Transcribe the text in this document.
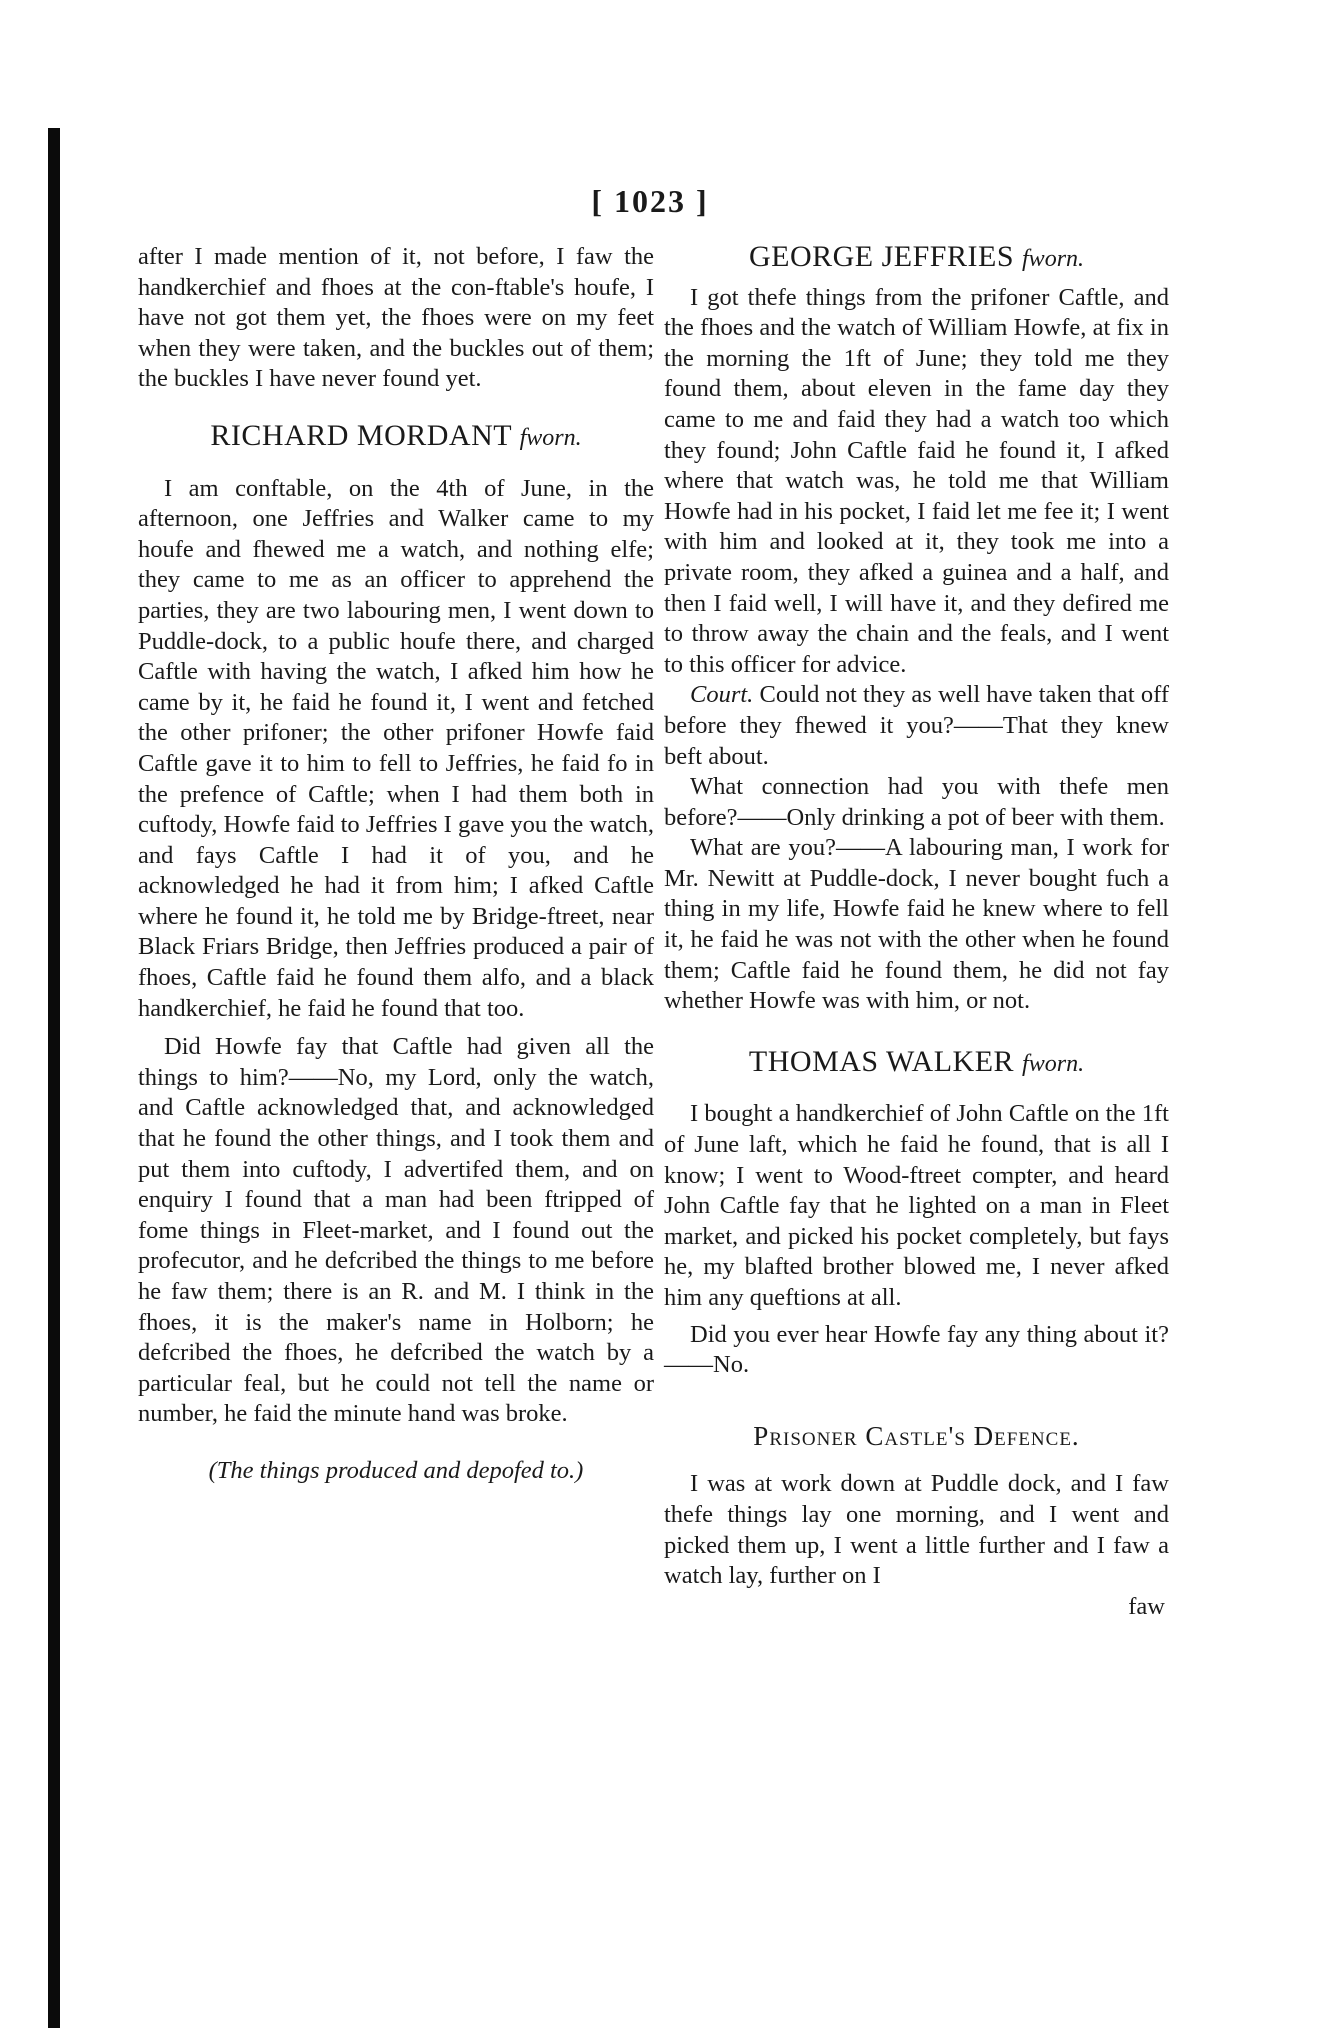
[ 1023 ]

after I made mention of it, not before, I faw the handkerchief and fhoes at the con-ftable's houfe, I have not got them yet, the fhoes were on my feet when they were taken, and the buckles out of them; the buckles I have never found yet.

RICHARD MORDANT fworn.

I am conftable, on the 4th of June, in the afternoon, one Jeffries and Walker came to my houfe and fhewed me a watch, and nothing elfe; they came to me as an officer to apprehend the parties, they are two labouring men, I went down to Puddle-dock, to a public houfe there, and charged Caftle with having the watch, I afked him how he came by it, he faid he found it, I went and fetched the other prifoner; the other prifoner Howfe faid Caftle gave it to him to fell to Jeffries, he faid fo in the prefence of Caftle; when I had them both in cuftody, Howfe faid to Jeffries I gave you the watch, and fays Caftle I had it of you, and he acknowledged he had it from him; I afked Caftle where he found it, he told me by Bridge-ftreet, near Black Friars Bridge, then Jeffries produced a pair of fhoes, Caftle faid he found them alfo, and a black handkerchief, he faid he found that too.

Did Howfe fay that Caftle had given all the things to him?——No, my Lord, only the watch, and Caftle acknowledged that, and acknowledged that he found the other things, and I took them and put them into cuftody, I advertifed them, and on enquiry I found that a man had been ftripped of fome things in Fleet-market, and I found out the profecutor, and he defcribed the things to me before he faw them; there is an R. and M. I think in the fhoes, it is the maker's name in Holborn; he defcribed the fhoes, he defcribed the watch by a particular feal, but he could not tell the name or number, he faid the minute hand was broke.

(The things produced and depofed to.)

GEORGE JEFFRIES fworn.

I got thefe things from the prifoner Caftle, and the fhoes and the watch of William Howfe, at fix in the morning the 1ft of June; they told me they found them, about eleven in the fame day they came to me and faid they had a watch too which they found; John Caftle faid he found it, I afked where that watch was, he told me that William Howfe had in his pocket, I faid let me fee it; I went with him and looked at it, they took me into a private room, they afked a guinea and a half, and then I faid well, I will have it, and they defired me to throw away the chain and the feals, and I went to this officer for advice.

Court. Could not they as well have taken that off before they fhewed it you?——That they knew beft about.

What connection had you with thefe men before?——Only drinking a pot of beer with them.

What are you?——A labouring man, I work for Mr. Newitt at Puddle-dock, I never bought fuch a thing in my life, Howfe faid he knew where to fell it, he faid he was not with the other when he found them; Caftle faid he found them, he did not fay whether Howfe was with him, or not.

THOMAS WALKER fworn.

I bought a handkerchief of John Caftle on the 1ft of June laft, which he faid he found, that is all I know; I went to Wood-ftreet compter, and heard John Caftle fay that he lighted on a man in Fleet market, and picked his pocket completely, but fays he, my blafted brother blowed me, I never afked him any queftions at all.

Did you ever hear Howfe fay any thing about it?——No.

Prisoner Castle's Defence.

I was at work down at Puddle dock, and I faw thefe things lay one morning, and I went and picked them up, I went a little further and I faw a watch lay, further on I

faw
